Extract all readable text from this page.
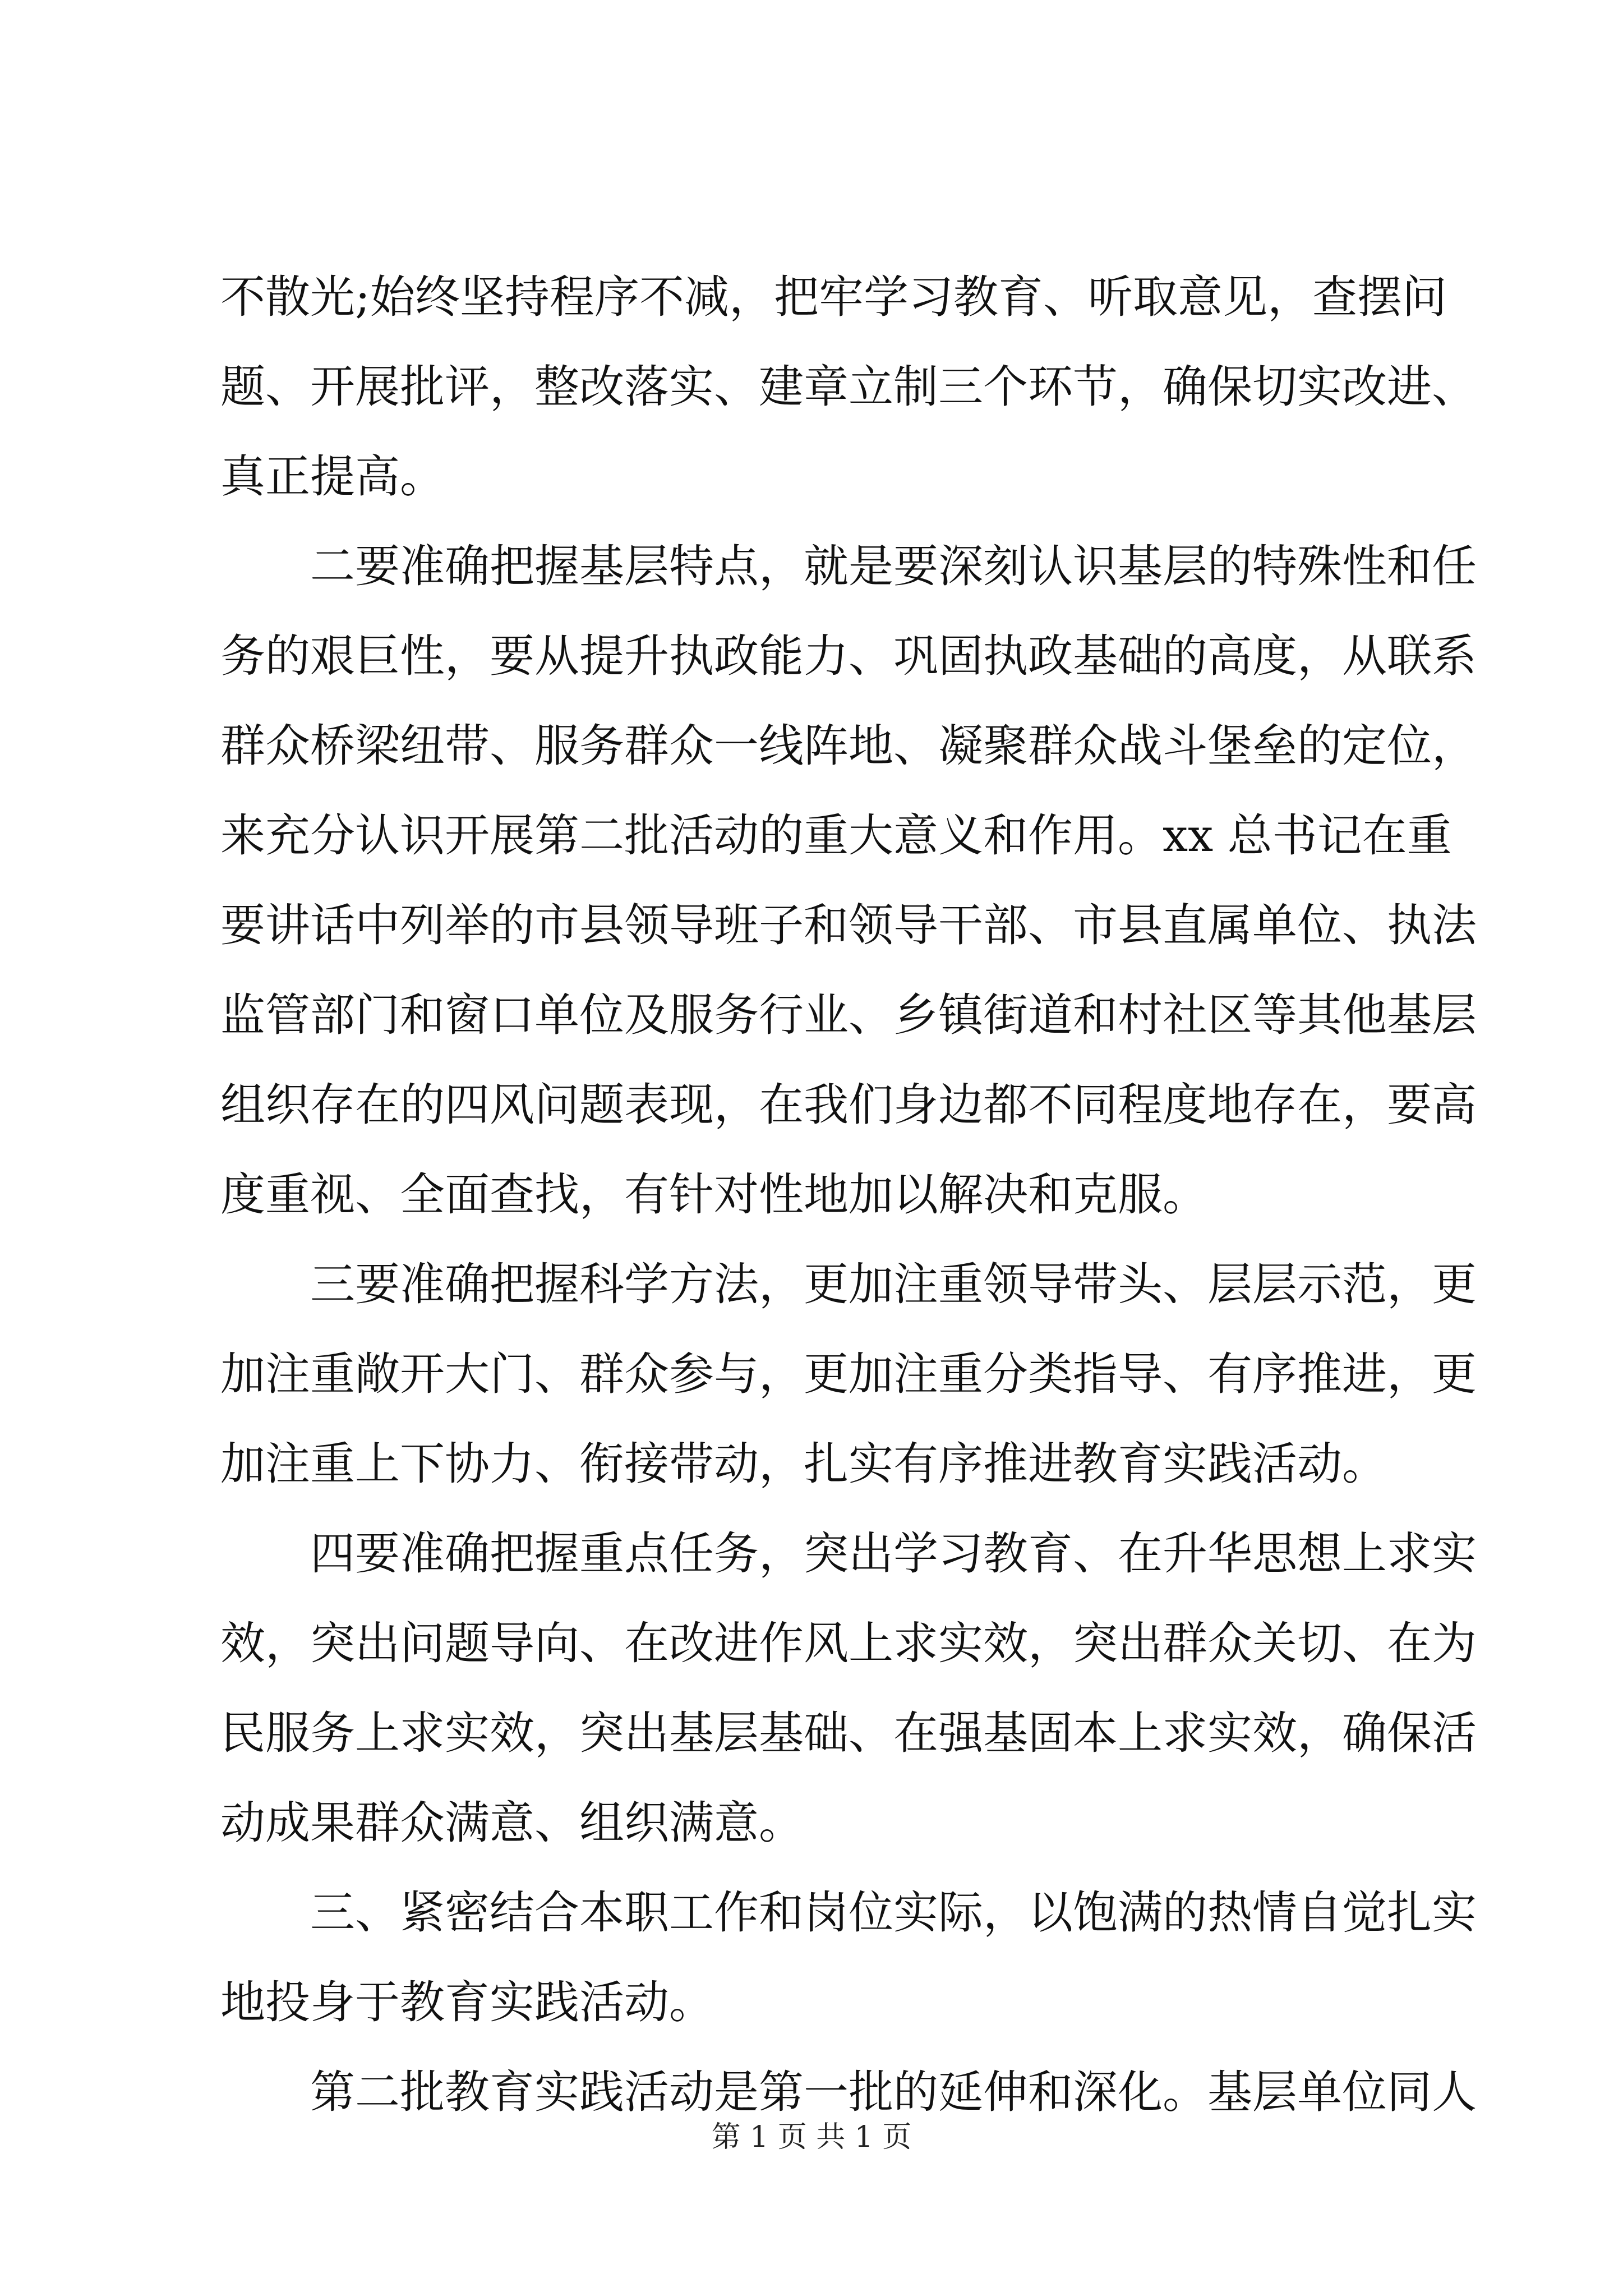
不散光;始终坚持程序不减，把牢学习教育、听取意见，查摆问
题、开展批评，整改落实、建章立制三个环节，确保切实改进、
真正提高。
二要准确把握基层特点，就是要深刻认识基层的特殊性和任
务的艰巨性，要从提升执政能力、巩固执政基础的高度，从联系
群众桥梁纽带、服务群众一线阵地、凝聚群众战斗堡垒的定位，
来充分认识开展第二批活动的重大意义和作用。xx 总书记在重
要讲话中列举的市县领导班子和领导干部、市县直属单位、执法
监管部门和窗口单位及服务行业、乡镇街道和村社区等其他基层
组织存在的四风问题表现，在我们身边都不同程度地存在，要高
度重视、全面查找，有针对性地加以解决和克服。
三要准确把握科学方法，更加注重领导带头、层层示范，更
加注重敞开大门、群众参与，更加注重分类指导、有序推进，更
加注重上下协力、衔接带动，扎实有序推进教育实践活动。
四要准确把握重点任务，突出学习教育、在升华思想上求实
效，突出问题导向、在改进作风上求实效，突出群众关切、在为
民服务上求实效，突出基层基础、在强基固本上求实效，确保活
动成果群众满意、组织满意。
三、紧密结合本职工作和岗位实际，以饱满的热情自觉扎实
地投身于教育实践活动。
第二批教育实践活动是第一批的延伸和深化。基层单位同人
第 1 页 共 1 页
